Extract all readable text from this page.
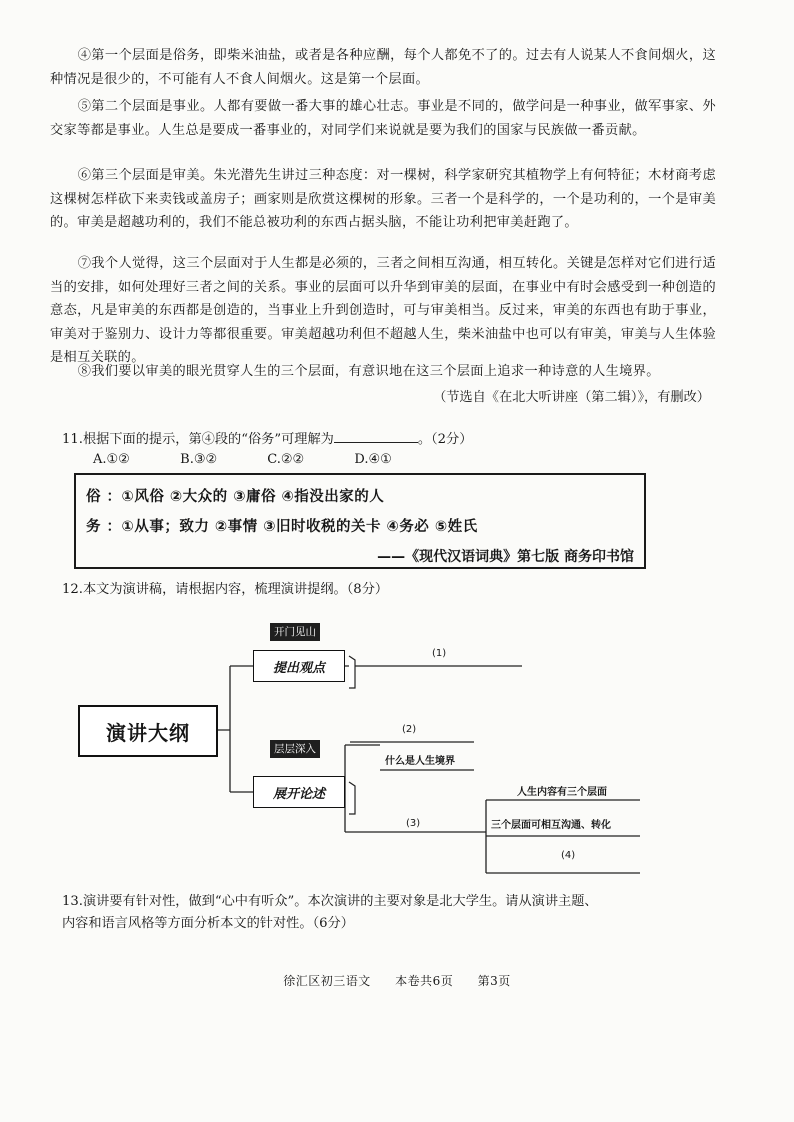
④第一个层面是俗务，即柴米油盐，或者是各种应酬，每个人都免不了的。过去有人说某人不食间烟火，这种情况是很少的，不可能有人不食人间烟火。这是第一个层面。

⑤第二个层面是事业。人都有要做一番大事的雄心壮志。事业是不同的，做学问是一种事业，做军事家、外交家等都是事业。人生总是要成一番事业的，对同学们来说就是要为我们的国家与民族做一番贡献。

⑥第三个层面是审美。朱光潜先生讲过三种态度：对一棵树，科学家研究其植物学上有何特征；木材商考虑这棵树怎样砍下来卖钱或盖房子；画家则是欣赏这棵树的形象。三者一个是科学的，一个是功利的，一个是审美的。审美是超越功利的，我们不能总被功利的东西占据头脑，不能让功利把审美赶跑了。

⑦我个人觉得，这三个层面对于人生都是必须的，三者之间相互沟通，相互转化。关键是怎样对它们进行适当的安排，如何处理好三者之间的关系。事业的层面可以升华到审美的层面，在事业中有时会感受到一种创造的意态，凡是审美的东西都是创造的，当事业上升到创造时，可与审美相当。反过来，审美的东西也有助于事业，审美对于鉴别力、设计力等都很重要。审美超越功利但不超越人生，柴米油盐中也可以有审美，审美与人生体验是相互关联的。

⑧我们要以审美的眼光贯穿人生的三个层面，有意识地在这三个层面上追求一种诗意的人生境界。

（节选自《在北大听讲座（第二辑）》，有删改）
11.根据下面的提示，第④段的“俗务”可理解为	。（2分）
A.①②	B.③②	C.②②	D.④①
俗 ：①风俗 ②大众的 ③庸俗 ④指没出家的人
务 ：①从事；致力 ②事情 ③旧时收税的关卡 ④务必 ⑤姓氏
——《现代汉语词典》第七版 商务印书馆
12.本文为演讲稿，请根据内容，梳理演讲提纲。（8分）
演讲大纲
开门见山
提出观点
层层深入
展开论述
(1)
(2)
什么是人生境界
(3)
人生内容有三个层面
三个层面可相互沟通、转化
(4)
13.演讲要有针对性，做到“心中有听众”。本次演讲的主要对象是北大学生。请从演讲主题、
内容和语言风格等方面分析本文的针对性。（6分）
徐汇区初三语文 本卷共6页 第3页
